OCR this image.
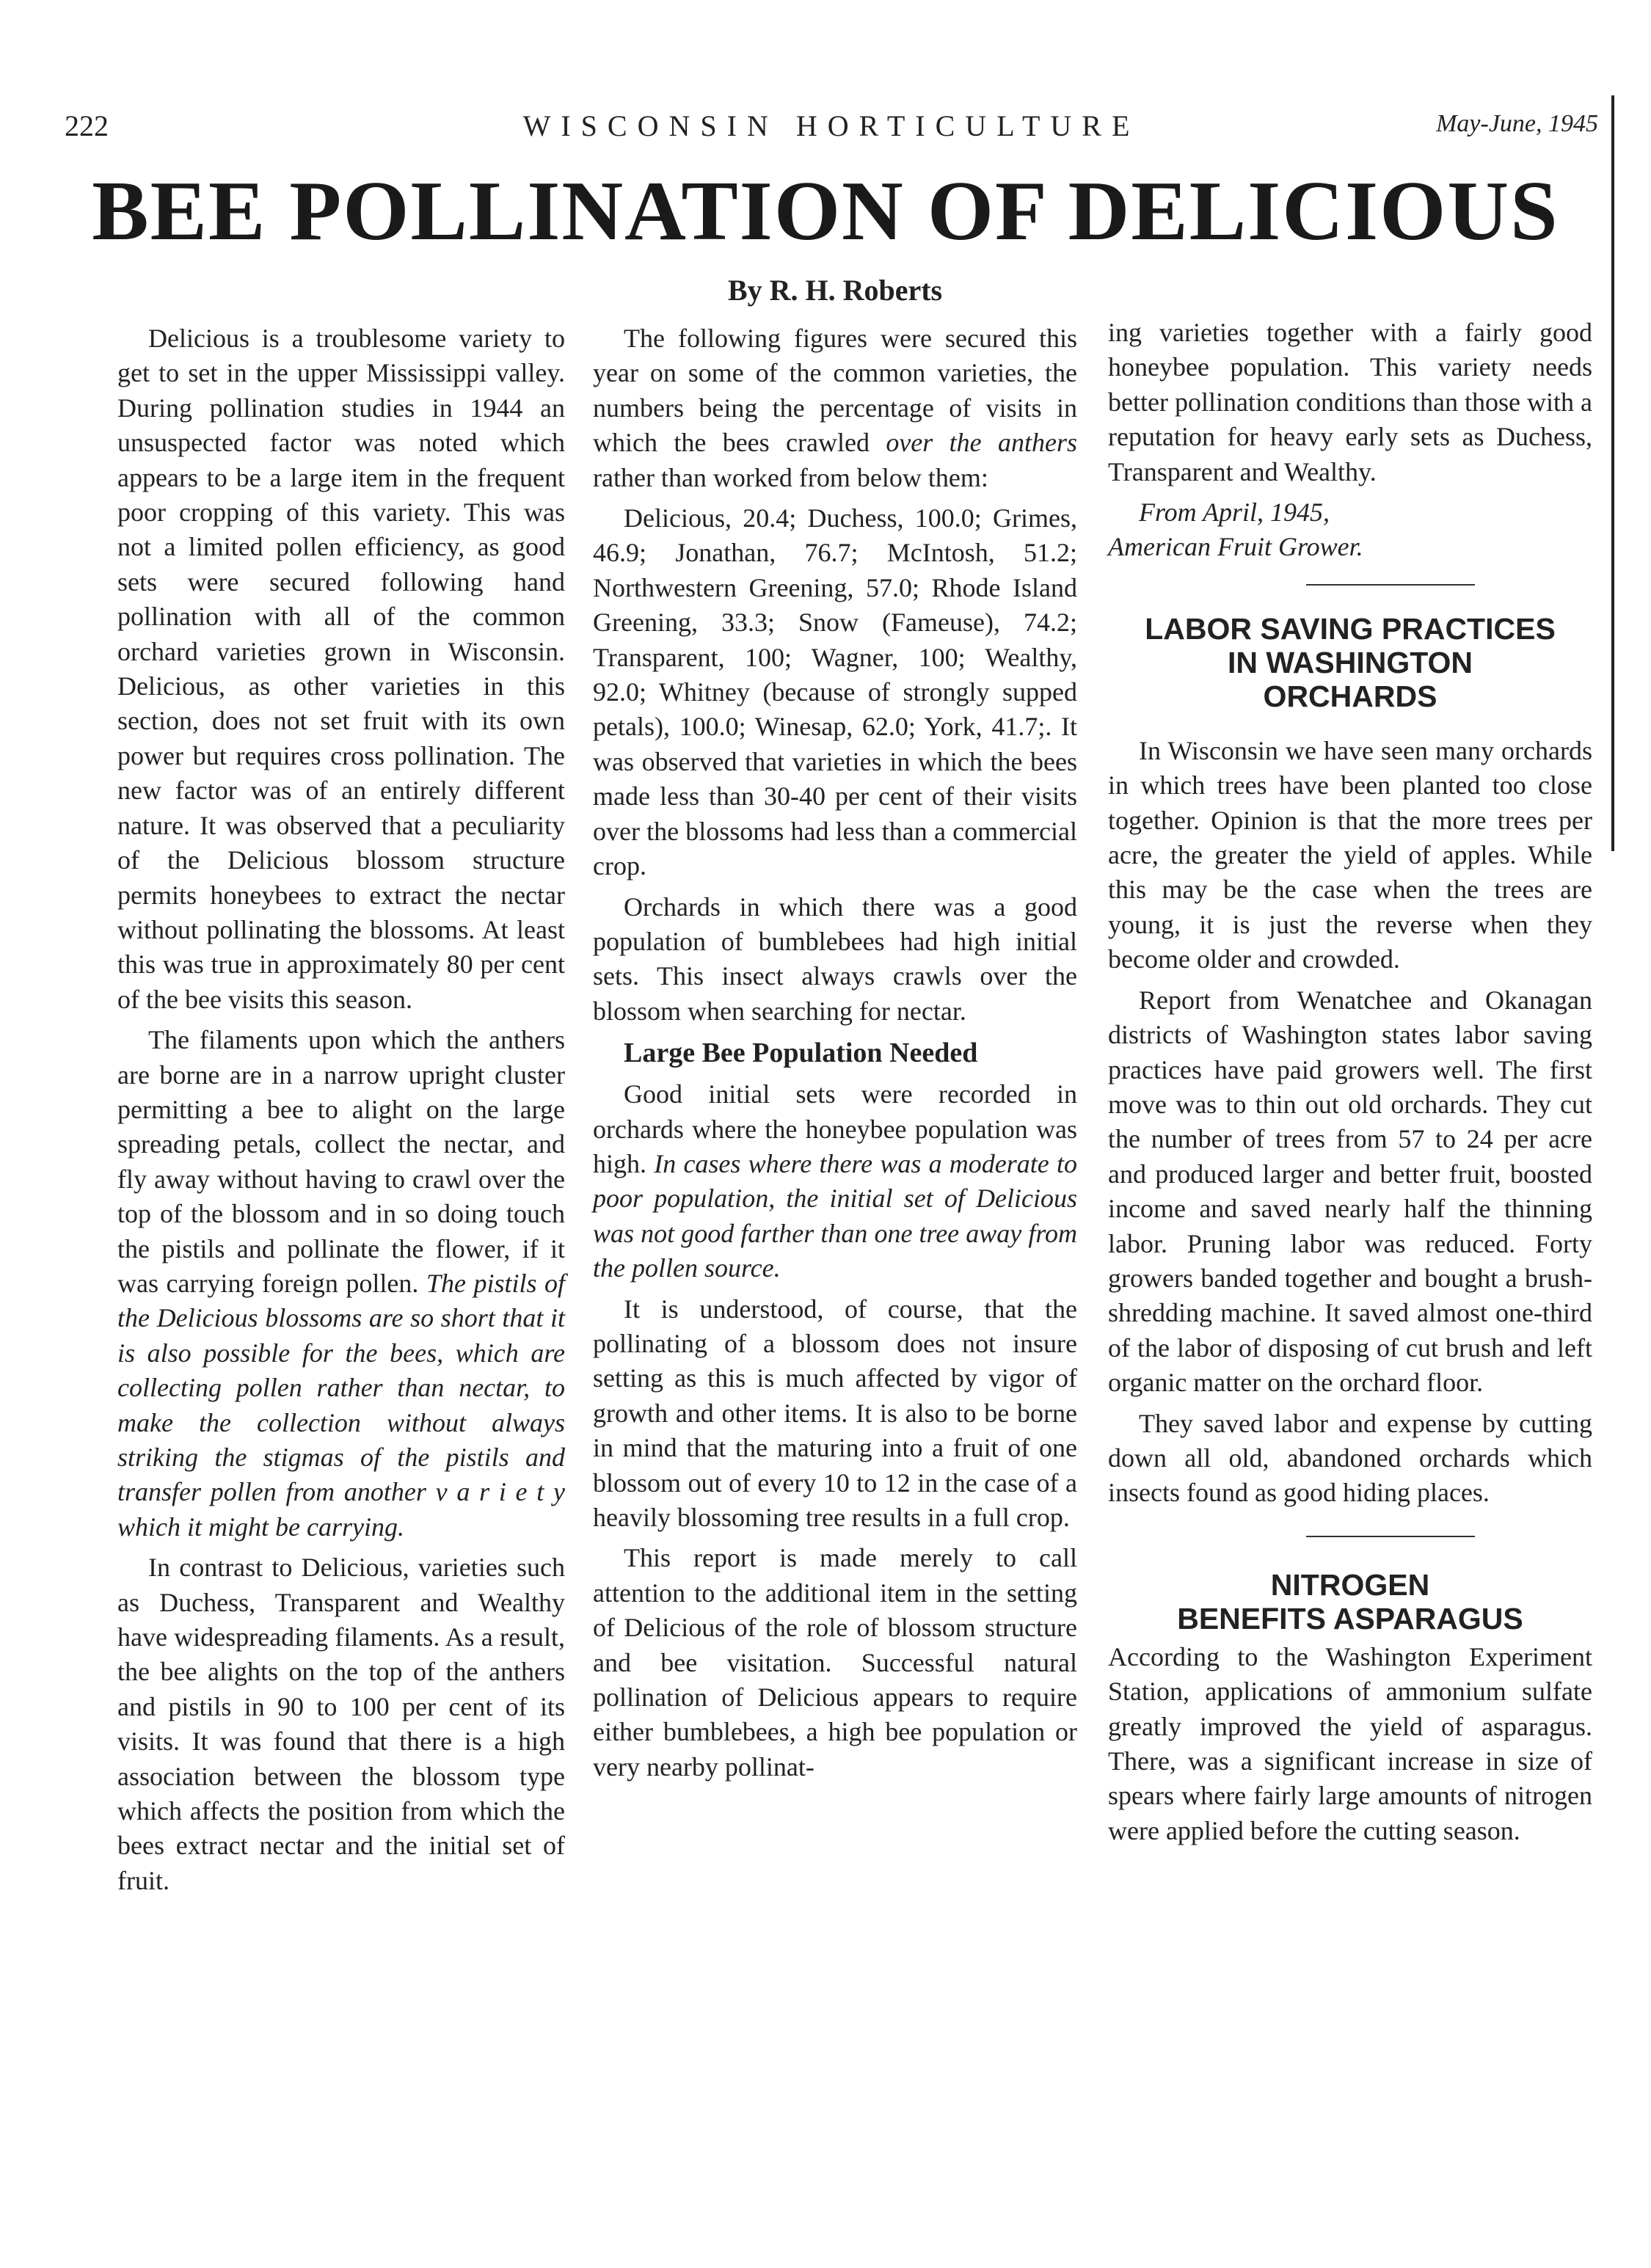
222	WISCONSIN HORTICULTURE	May-June, 1945
BEE POLLINATION OF DELICIOUS
By R. H. Roberts

Delicious is a troublesome variety to get to set in the upper Mississippi valley. During pollination studies in 1944 an unsuspected factor was noted which appears to be a large item in the frequent poor cropping of this variety. This was not a limited pollen efficiency, as good sets were secured following hand pollination with all of the common orchard varieties grown in Wisconsin. Delicious, as other varieties in this section, does not set fruit with its own power but requires cross pollination. The new factor was of an entirely different nature. It was observed that a peculiarity of the Delicious blossom structure permits honeybees to extract the nectar without pollinating the blossoms. At least this was true in approximately 80 per cent of the bee visits this season.

The filaments upon which the anthers are borne are in a narrow upright cluster permitting a bee to alight on the large spreading petals, collect the nectar, and fly away without having to crawl over the top of the blossom and in so doing touch the pistils and pollinate the flower, if it was carrying foreign pollen. The pistils of the Delicious blossoms are so short that it is also possible for the bees, which are collecting pollen rather than nectar, to make the collection without always striking the stigmas of the pistils and transfer pollen from another v a r i e t y which it might be carrying.

In contrast to Delicious, varieties such as Duchess, Transparent and Wealthy have widespreading filaments. As a result, the bee alights on the top of the anthers and pistils in 90 to 100 per cent of its visits. It was found that there is a high association between the blossom type which affects the position from which the bees extract nectar and the initial set of fruit.

The following figures were secured this year on some of the common varieties, the numbers being the percentage of visits in which the bees crawled over the anthers rather than worked from below them:

Delicious, 20.4; Duchess, 100.0; Grimes, 46.9; Jonathan, 76.7; McIntosh, 51.2; Northwestern Greening, 57.0; Rhode Island Greening, 33.3; Snow (Fameuse), 74.2; Transparent, 100; Wagner, 100; Wealthy, 92.0; Whitney (because of strongly supped petals), 100.0; Winesap, 62.0; York, 41.7;. It was observed that varieties in which the bees made less than 30-40 per cent of their visits over the blossoms had less than a commercial crop.

Orchards in which there was a good population of bumblebees had high initial sets. This insect always crawls over the blossom when searching for nectar.

Large Bee Population Needed

Good initial sets were recorded in orchards where the honeybee population was high. In cases where there was a moderate to poor population, the initial set of Delicious was not good farther than one tree away from the pollen source.

It is understood, of course, that the pollinating of a blossom does not insure setting as this is much affected by vigor of growth and other items. It is also to be borne in mind that the maturing into a fruit of one blossom out of every 10 to 12 in the case of a heavily blossoming tree results in a full crop.

This report is made merely to call attention to the additional item in the setting of Delicious of the role of blossom structure and bee visitation. Successful natural pollination of Delicious appears to require either bumblebees, a high bee population or very nearby pollinat-

ing varieties together with a fairly good honeybee population. This variety needs better pollination conditions than those with a reputation for heavy early sets as Duchess, Transparent and Wealthy.

From April, 1945,
American Fruit Grower.

LABOR SAVING PRACTICES
IN WASHINGTON
ORCHARDS

In Wisconsin we have seen many orchards in which trees have been planted too close together. Opinion is that the more trees per acre, the greater the yield of apples. While this may be the case when the trees are young, it is just the reverse when they become older and crowded.

Report from Wenatchee and Okanagan districts of Washington states labor saving practices have paid growers well. The first move was to thin out old orchards. They cut the number of trees from 57 to 24 per acre and produced larger and better fruit, boosted income and saved nearly half the thinning labor. Pruning labor was reduced. Forty growers banded together and bought a brush-shredding machine. It saved almost one-third of the labor of disposing of cut brush and left organic matter on the orchard floor.

They saved labor and expense by cutting down all old, abandoned orchards which insects found as good hiding places.

NITROGEN
BENEFITS ASPARAGUS

According to the Washington Experiment Station, applications of ammonium sulfate greatly improved the yield of asparagus. There, was a significant increase in size of spears where fairly large amounts of nitrogen were applied before the cutting season.
